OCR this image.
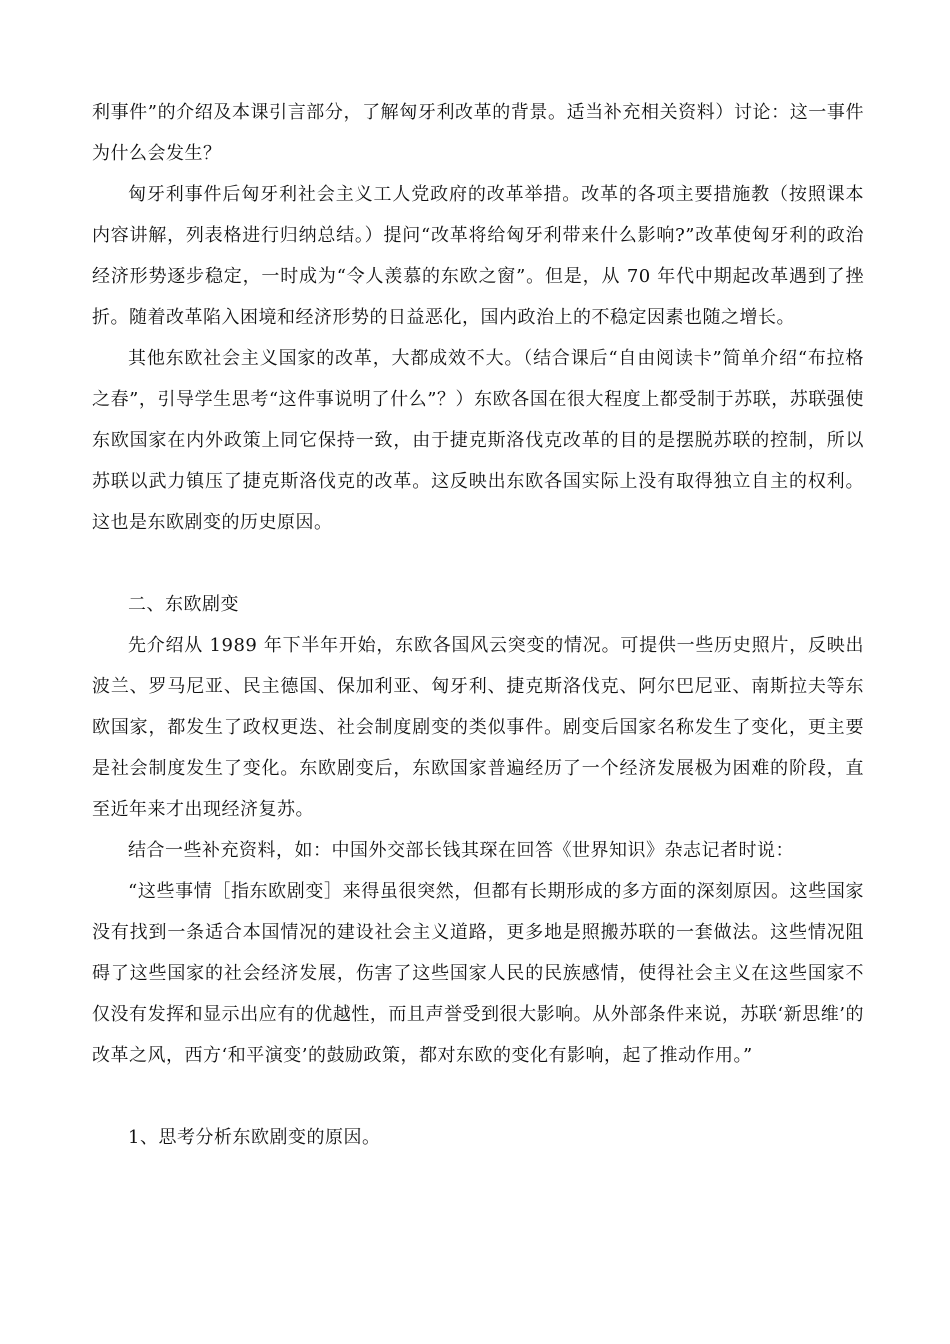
利事件”的介绍及本课引言部分，了解匈牙利改革的背景。适当补充相关资料）讨论：这一事件为什么会发生？

匈牙利事件后匈牙利社会主义工人党政府的改革举措。改革的各项主要措施教（按照课本内容讲解，列表格进行归纳总结。）提问“改革将给匈牙利带来什么影响?”改革使匈牙利的政治经济形势逐步稳定，一时成为“令人羡慕的东欧之窗”。但是，从 70 年代中期起改革遇到了挫折。随着改革陷入困境和经济形势的日益恶化，国内政治上的不稳定因素也随之增长。

其他东欧社会主义国家的改革，大都成效不大。（结合课后“自由阅读卡”简单介绍“布拉格之春”，引导学生思考“这件事说明了什么”？）东欧各国在很大程度上都受制于苏联，苏联强使东欧国家在内外政策上同它保持一致，由于捷克斯洛伐克改革的目的是摆脱苏联的控制，所以苏联以武力镇压了捷克斯洛伐克的改革。这反映出东欧各国实际上没有取得独立自主的权利。这也是东欧剧变的历史原因。

二、东欧剧变

先介绍从 1989 年下半年开始，东欧各国风云突变的情况。可提供一些历史照片，反映出波兰、罗马尼亚、民主德国、保加利亚、匈牙利、捷克斯洛伐克、阿尔巴尼亚、南斯拉夫等东欧国家，都发生了政权更迭、社会制度剧变的类似事件。剧变后国家名称发生了变化，更主要是社会制度发生了变化。东欧剧变后，东欧国家普遍经历了一个经济发展极为困难的阶段，直至近年来才出现经济复苏。

结合一些补充资料，如：中国外交部长钱其琛在回答《世界知识》杂志记者时说：

“这些事情［指东欧剧变］来得虽很突然，但都有长期形成的多方面的深刻原因。这些国家没有找到一条适合本国情况的建设社会主义道路，更多地是照搬苏联的一套做法。这些情况阻碍了这些国家的社会经济发展，伤害了这些国家人民的民族感情，使得社会主义在这些国家不仅没有发挥和显示出应有的优越性，而且声誉受到很大影响。从外部条件来说，苏联‘新思维’的改革之风，西方‘和平演变’的鼓励政策，都对东欧的变化有影响，起了推动作用。”

1、思考分析东欧剧变的原因。
